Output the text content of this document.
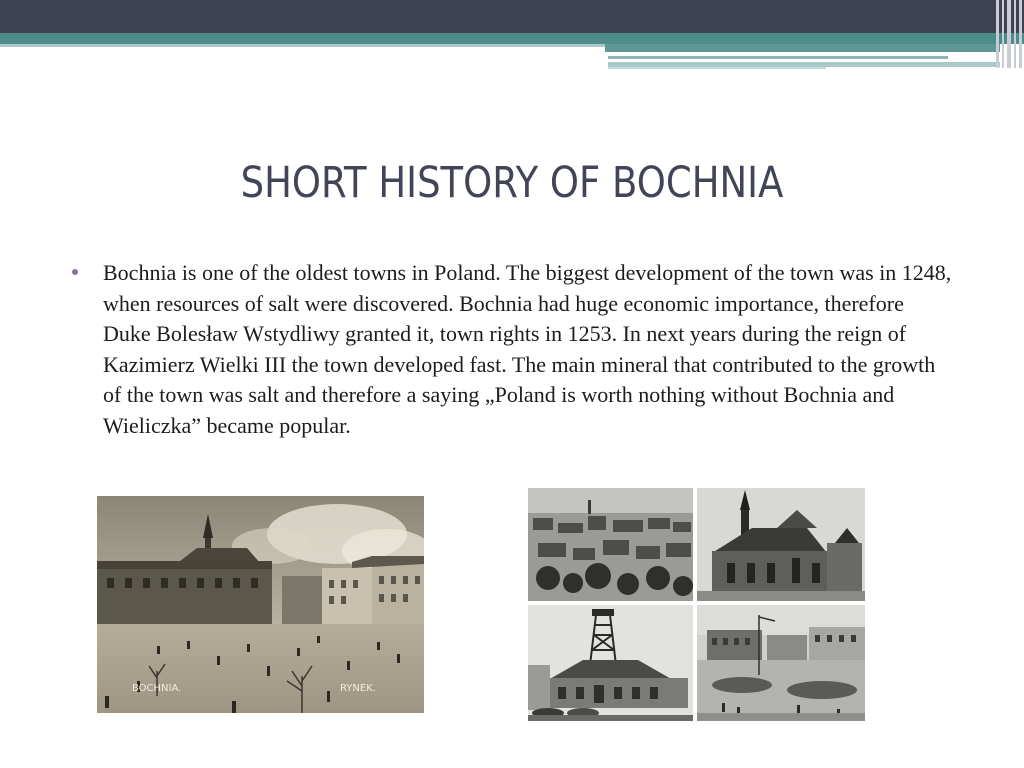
SHORT HISTORY OF BOCHNIA

Bochnia is one of the oldest towns in Poland. The biggest development of the town was in 1248, when resources of salt were discovered. Bochnia had huge economic importance, therefore Duke Bolesław Wstydliwy granted it, town rights in 1253. In next years during the reign of Kazimierz Wielki III the town developed fast. The main mineral that contributed to the growth of the town was salt and therefore a saying „Poland is worth nothing without Bochnia and Wieliczka” became popular.

BOCHNIA.	RYNEK.
